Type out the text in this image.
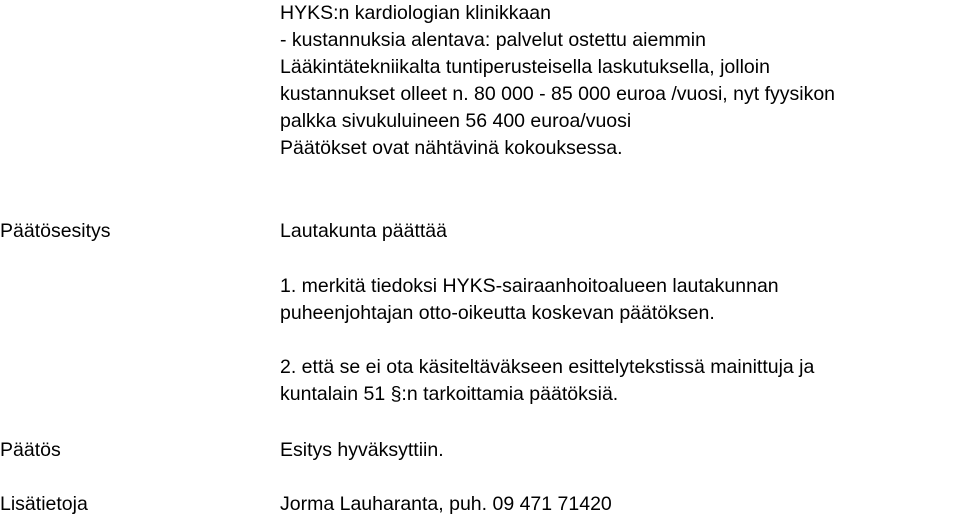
HYKS:n kardiologian klinikkaan

- kustannuksia alentava: palvelut ostettu aiemmin

Lääkintätekniikalta tuntiperusteisella laskutuksella, jolloin

kustannukset olleet n. 80 000 - 85 000 euroa /vuosi, nyt fyysikon

palkka sivukuluineen 56 400 euroa/vuosi

Päätökset ovat nähtävinä kokouksessa.

Päätösesitys	Lautakunta päättää

1. merkitä tiedoksi HYKS-sairaanhoitoalueen lautakunnan

puheenjohtajan otto-oikeutta koskevan päätöksen.

2. että se ei ota käsiteltäväkseen esittelytekstissä mainittuja ja

kuntalain 51 §:n tarkoittamia päätöksiä.

Päätös	Esitys hyväksyttiin.

Lisätietoja	Jorma Lauharanta, puh. 09 471 71420
